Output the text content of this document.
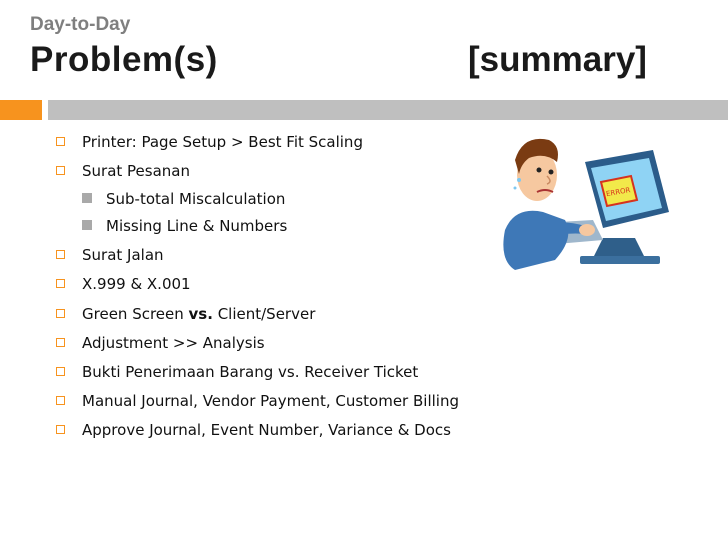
Day-to-Day
Problem(s)	[summary]
Printer: Page Setup > Best Fit Scaling
Surat Pesanan
Sub-total Miscalculation
Missing Line & Numbers
Surat Jalan
X.999 & X.001
Green Screen vs. Client/Server
Adjustment >> Analysis
Bukti Penerimaan Barang vs. Receiver Ticket
Manual Journal, Vendor Payment, Customer Billing
Approve Journal, Event Number, Variance & Docs
ERROR
